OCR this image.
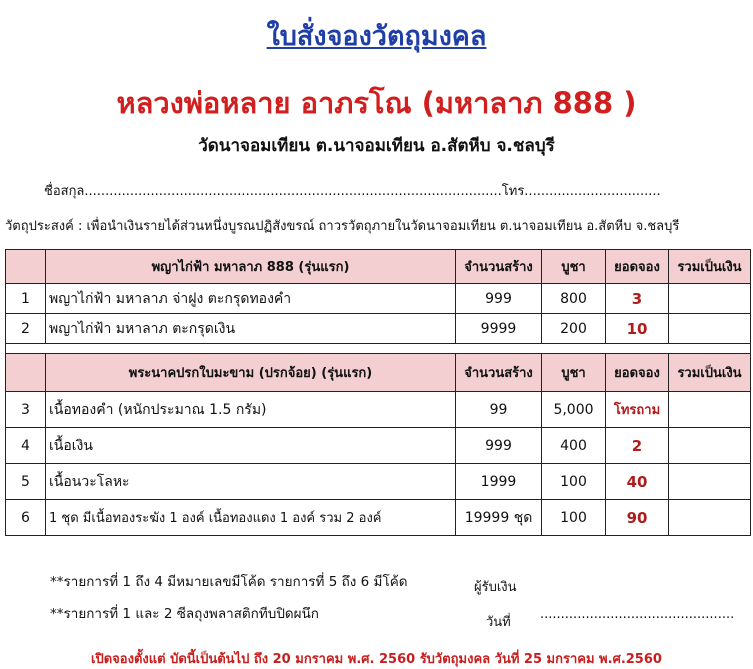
ใบสั่งจองวัตถุมงคล
หลวงพ่อหลาย อาภรโณ (มหาลาภ 888 )
วัดนาจอมเทียน ต.นาจอมเทียน อ.สัตหีบ จ.ชลบุรี
ชื่อสกุล.....................................................................................................โทร.................................
วัตถุประสงค์ : เพื่อนำเงินรายได้ส่วนหนึ่งบูรณปฏิสังขรณ์ ถาวรวัตถุภายในวัดนาจอมเทียน ต.นาจอมเทียน อ.สัตหีบ จ.ชลบุรี
	พญาไก่ฟ้า มหาลาภ 888 (รุ่นแรก)	จำนวนสร้าง	บูชา	ยอดจอง	รวมเป็นเงิน
1	พญาไก่ฟ้า มหาลาภ จ่าฝูง ตะกรุดทองคำ	999	800	3	
2	พญาไก่ฟ้า มหาลาภ ตะกรุดเงิน	9999	200	10	

	พระนาคปรกใบมะขาม (ปรกจ้อย) (รุ่นแรก)	จำนวนสร้าง	บูชา	ยอดจอง	รวมเป็นเงิน
3	เนื้อทองคำ (หนักประมาณ 1.5 กรัม)	99	5,000	โทรถาม	
4	เนื้อเงิน	999	400	2	
5	เนื้อนวะโลหะ	1999	100	40	
6	1 ชุด มีเนื้อทองระฆัง 1 องค์ เนื้อทองแดง 1 องค์ รวม 2 องค์	19999 ชุด	100	90	
**รายการที่ 1 ถึง 4 มีหมายเลขมีโค้ด รายการที่ 5 ถึง 6 มีโค้ด
**รายการที่ 1 และ 2 ซีลถุงพลาสติกทีบปิดผนึก
ผู้รับเงิน
วันที่
...............................................
เปิดจองตั้งแต่ บัดนี้เป็นต้นไป ถึง 20 มกราคม พ.ศ. 2560 รับวัตถุมงคล วันที่ 25 มกราคม พ.ศ.2560
